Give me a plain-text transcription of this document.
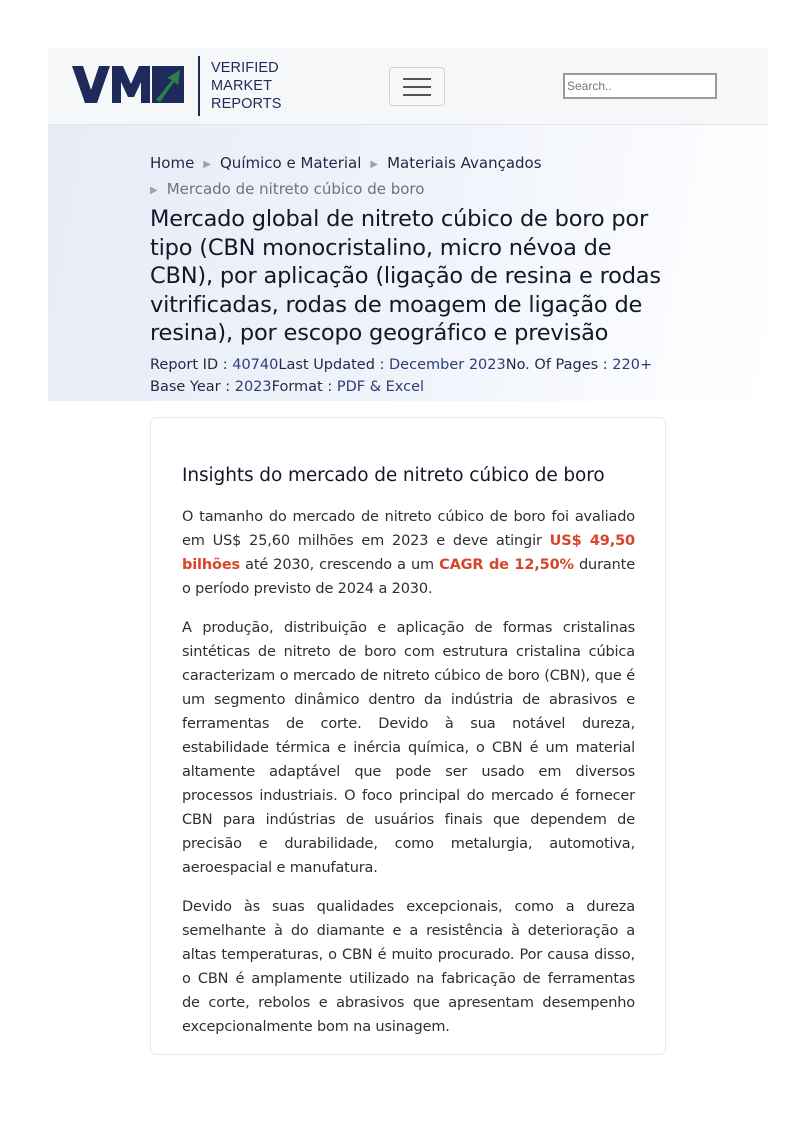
VERIFIED
MARKET
REPORTS
Search..
Home ▶ Químico e Material ▶ Materiais Avançados
▶ Mercado de nitreto cúbico de boro
Mercado global de nitreto cúbico de boro por tipo (CBN monocristalino, micro névoa de CBN), por aplicação (ligação de resina e rodas vitrificadas, rodas de moagem de ligação de resina), por escopo geográfico e previsão
Report ID : 40740Last Updated : December 2023No. Of Pages : 220+
Base Year : 2023Format : PDF & Excel
Insights do mercado de nitreto cúbico de boro

O tamanho do mercado de nitreto cúbico de boro foi avaliado em US$ 25,60 milhões em 2023 e deve atingir US$ 49,50 bilhões até 2030, crescendo a um CAGR de 12,50% durante o período previsto de 2024 a 2030.

A produção, distribuição e aplicação de formas cristalinas sintéticas de nitreto de boro com estrutura cristalina cúbica caracterizam o mercado de nitreto cúbico de boro (CBN), que é um segmento dinâmico dentro da indústria de abrasivos e ferramentas de corte. Devido à sua notável dureza, estabilidade térmica e inércia química, o CBN é um material altamente adaptável que pode ser usado em diversos processos industriais. O foco principal do mercado é fornecer CBN para indústrias de usuários finais que dependem de precisão e durabilidade, como metalurgia, automotiva, aeroespacial e manufatura.

Devido às suas qualidades excepcionais, como a dureza semelhante à do diamante e a resistência à deterioração a altas temperaturas, o CBN é muito procurado. Por causa disso, o CBN é amplamente utilizado na fabricação de ferramentas de corte, rebolos e abrasivos que apresentam desempenho excepcionalmente bom na usinagem.
